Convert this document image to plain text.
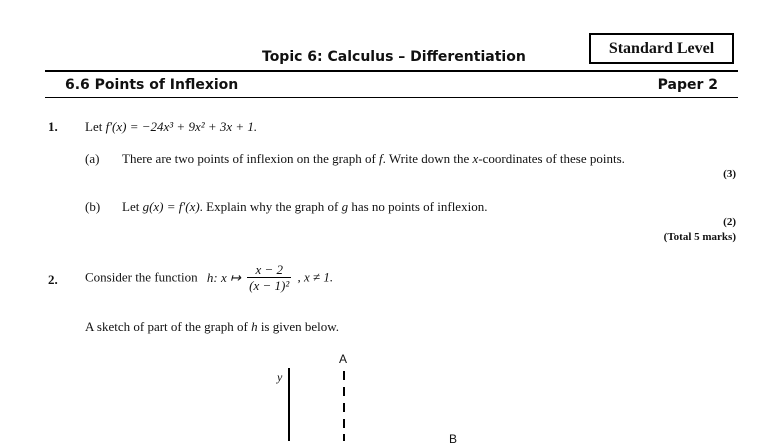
Topic 6: Calculus – Differentiation
Standard Level
6.6 Points of Inflexion	Paper 2
1. Let f′(x) = −24x³ + 9x² + 3x + 1.
(a) There are two points of inflexion on the graph of f. Write down the x-coordinates of these points.
(3)
(b) Let g(x) = f′(x). Explain why the graph of g has no points of inflexion.
(2)
(Total 5 marks)
2. Consider the function h: x ↦ $\frac{x - 2}{\text{(x − 1)²}}$ , x ≠ 1.
A sketch of part of the graph of h is given below.
A
y
B
